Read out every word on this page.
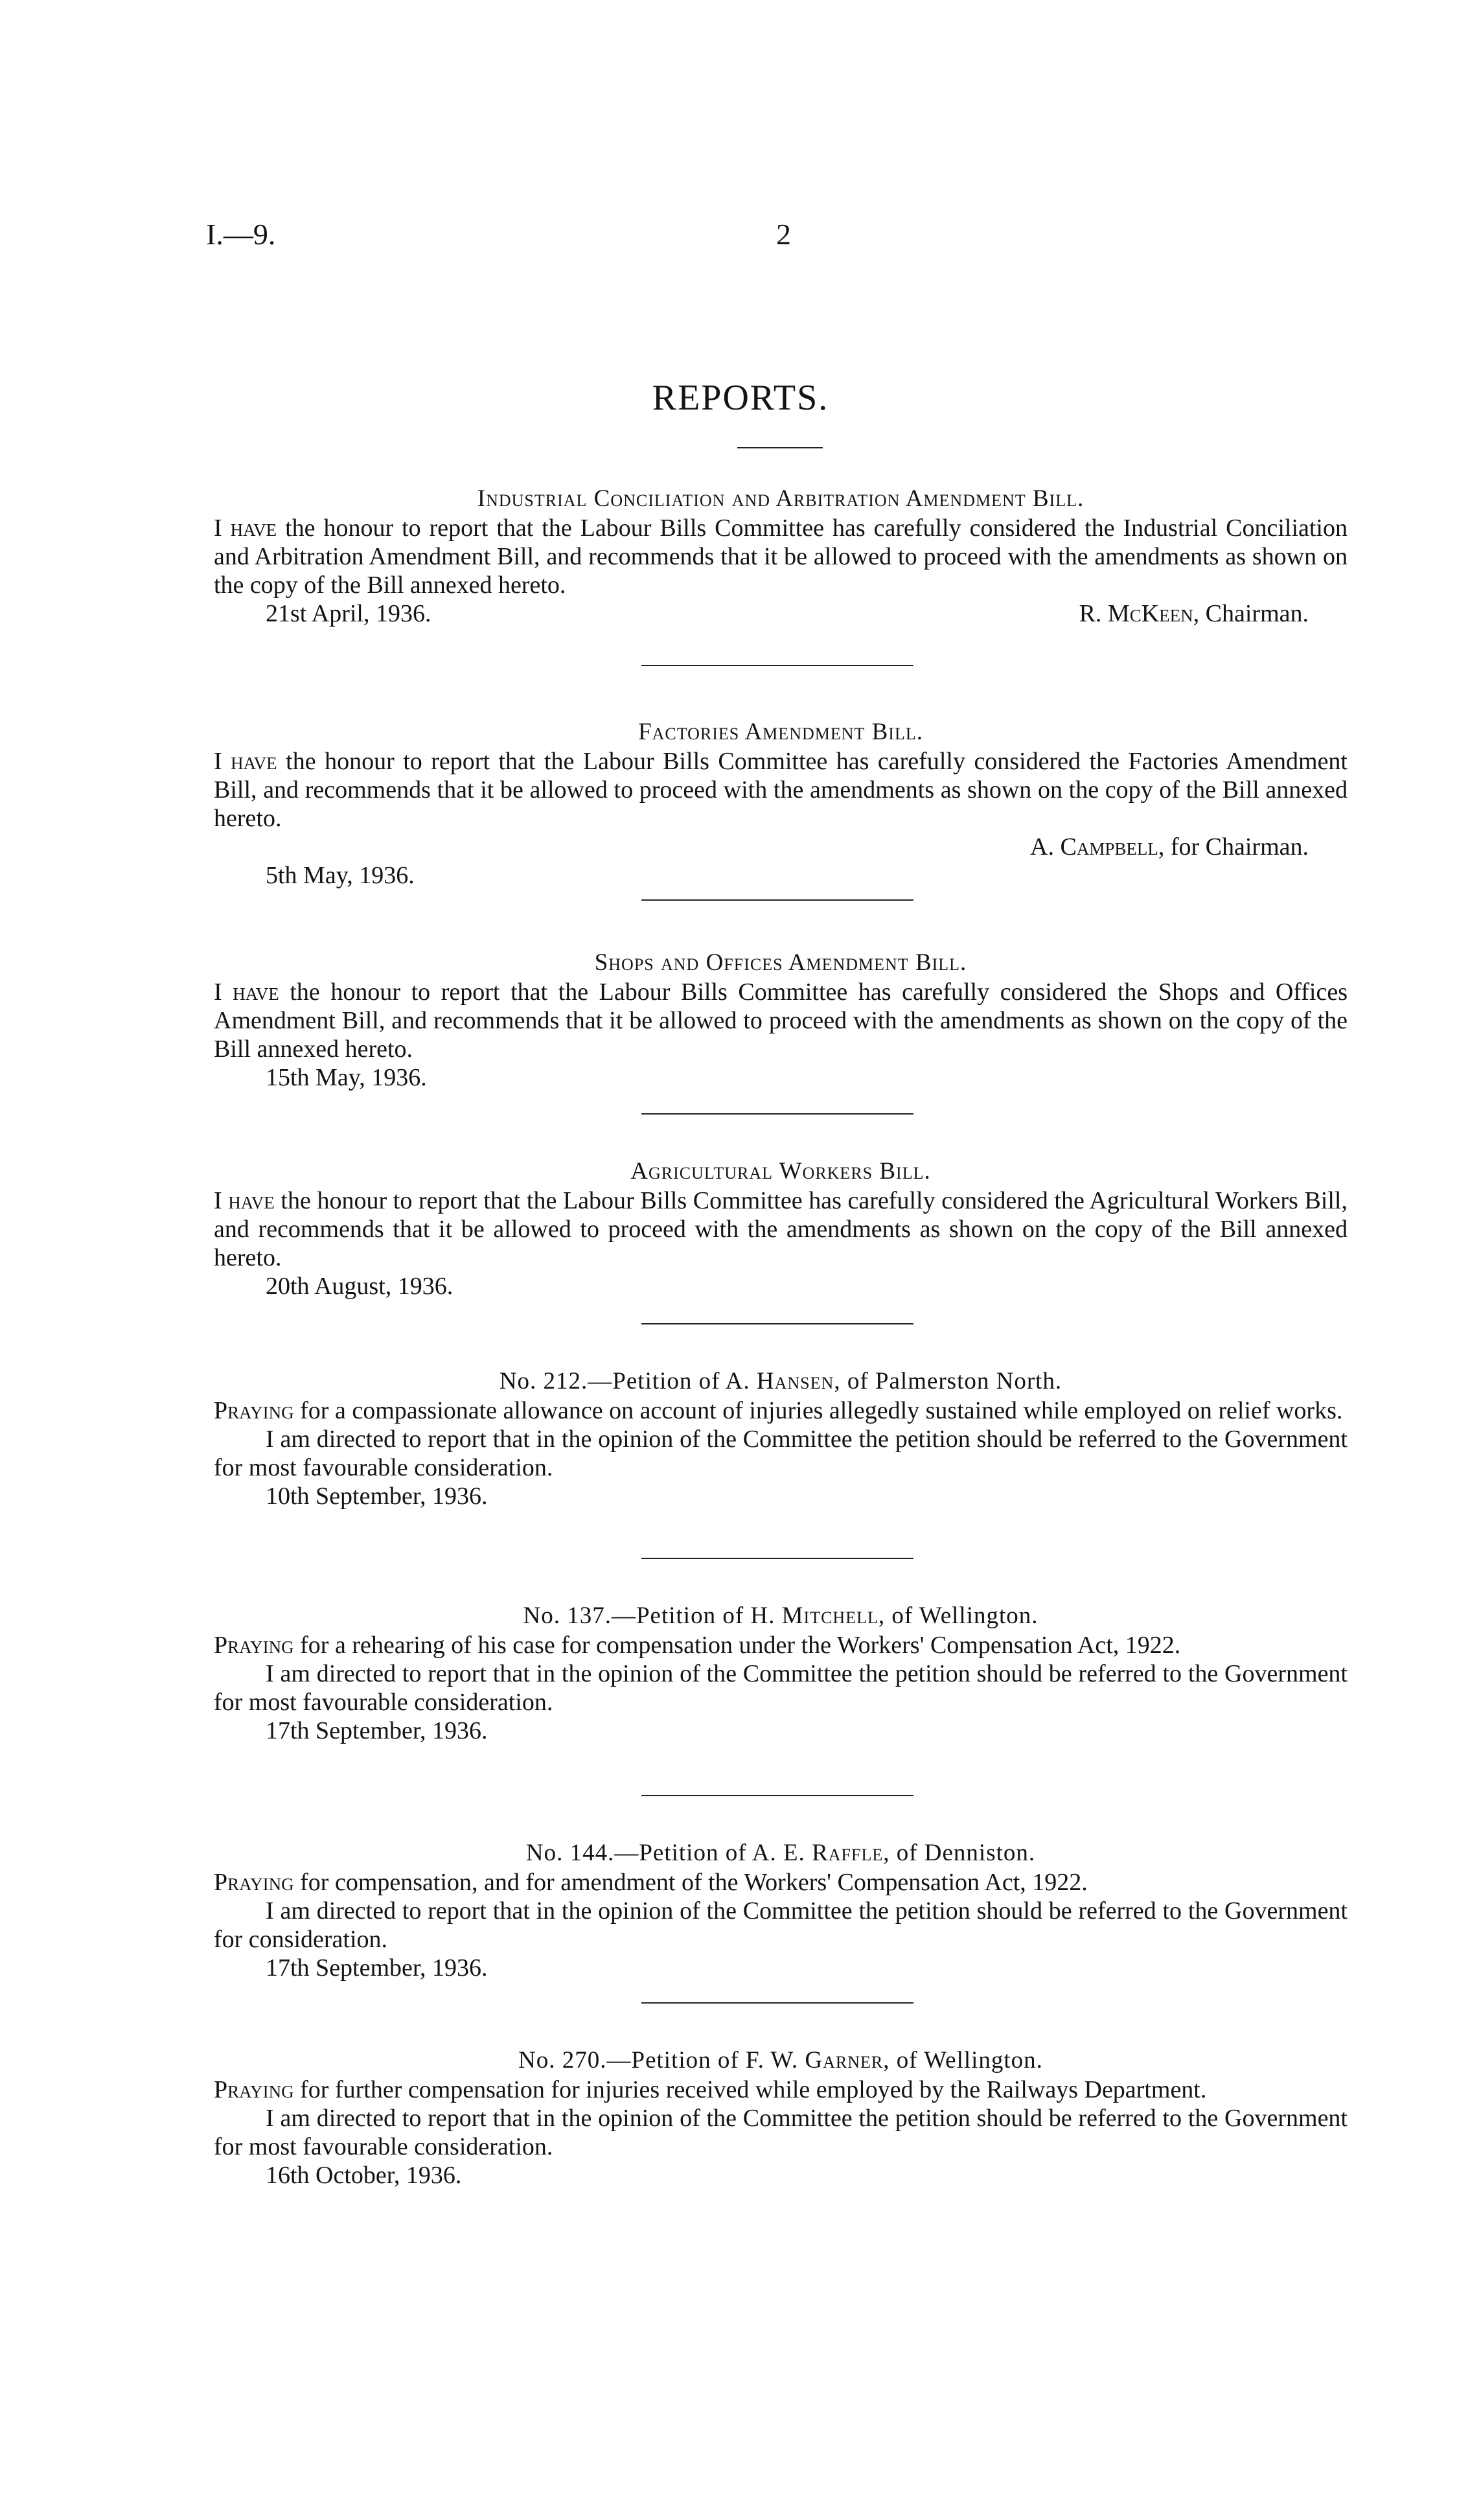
I.—9.	2
REPORTS.
Industrial Conciliation and Arbitration Amendment Bill.

I have the honour to report that the Labour Bills Committee has carefully considered the Industrial Conciliation and Arbitration Amendment Bill, and recommends that it be allowed to proceed with the amendments as shown on the copy of the Bill annexed hereto.

21st April, 1936.	R. McKeen, Chairman.
Factories Amendment Bill.

I have the honour to report that the Labour Bills Committee has carefully considered the Factories Amendment Bill, and recommends that it be allowed to proceed with the amendments as shown on the copy of the Bill annexed hereto.

A. Campbell, for Chairman.

5th May, 1936.

Shops and Offices Amendment Bill.

I have the honour to report that the Labour Bills Committee has carefully considered the Shops and Offices Amendment Bill, and recommends that it be allowed to proceed with the amendments as shown on the copy of the Bill annexed hereto.

15th May, 1936.

Agricultural Workers Bill.

I have the honour to report that the Labour Bills Committee has carefully considered the Agricultural Workers Bill, and recommends that it be allowed to proceed with the amendments as shown on the copy of the Bill annexed hereto.

20th August, 1936.

No. 212.—Petition of A. Hansen, of Palmerston North.

Praying for a compassionate allowance on account of injuries allegedly sustained while employed on relief works.

I am directed to report that in the opinion of the Committee the petition should be referred to the Government for most favourable consideration.

10th September, 1936.

No. 137.—Petition of H. Mitchell, of Wellington.

Praying for a rehearing of his case for compensation under the Workers' Compensation Act, 1922.

I am directed to report that in the opinion of the Committee the petition should be referred to the Government for most favourable consideration.

17th September, 1936.

No. 144.—Petition of A. E. Raffle, of Denniston.

Praying for compensation, and for amendment of the Workers' Compensation Act, 1922.

I am directed to report that in the opinion of the Committee the petition should be referred to the Government for consideration.

17th September, 1936.

No. 270.—Petition of F. W. Garner, of Wellington.

Praying for further compensation for injuries received while employed by the Railways Department.

I am directed to report that in the opinion of the Committee the petition should be referred to the Government for most favourable consideration.

16th October, 1936.
